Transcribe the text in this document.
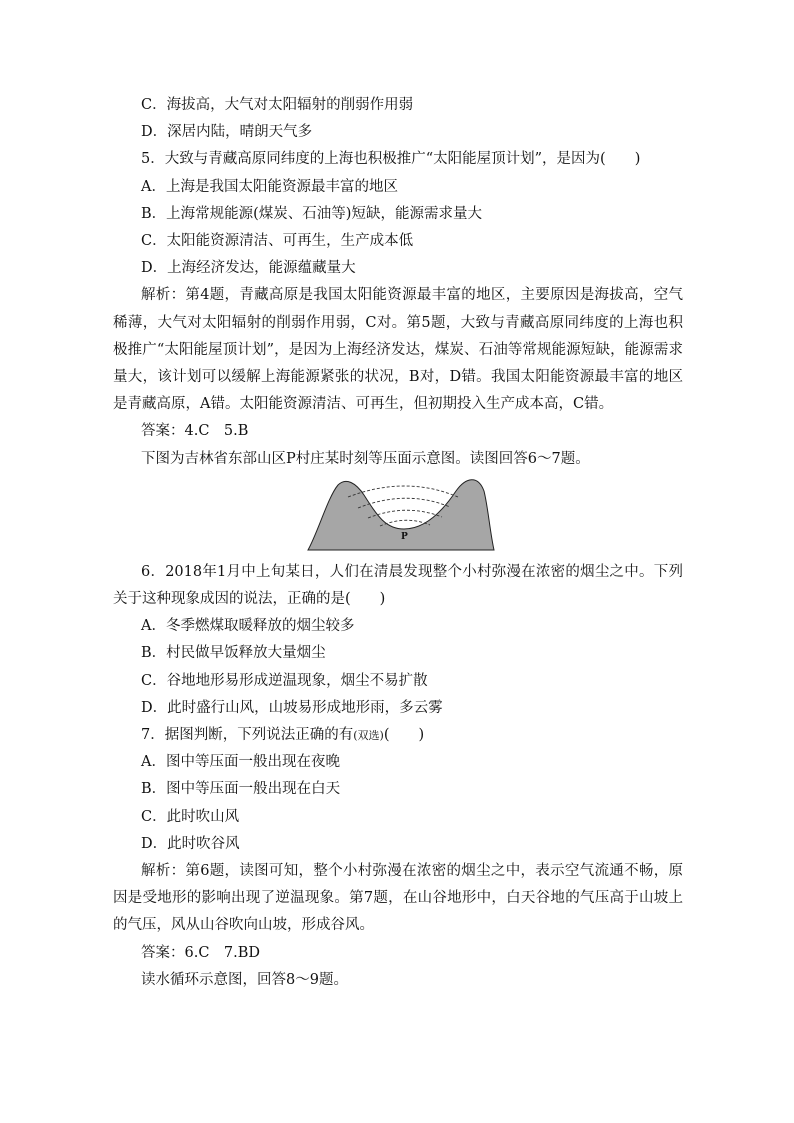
C．海拔高，大气对太阳辐射的削弱作用弱

D．深居内陆，晴朗天气多

5．大致与青藏高原同纬度的上海也积极推广“太阳能屋顶计划”，是因为(　　)

A．上海是我国太阳能资源最丰富的地区

B．上海常规能源(煤炭、石油等)短缺，能源需求量大

C．太阳能资源清洁、可再生，生产成本低

D．上海经济发达，能源蕴藏量大

解析：第4题，青藏高原是我国太阳能资源最丰富的地区，主要原因是海拔高，空气稀薄，大气对太阳辐射的削弱作用弱，C对。第5题，大致与青藏高原同纬度的上海也积极推广“太阳能屋顶计划”，是因为上海经济发达，煤炭、石油等常规能源短缺，能源需求量大，该计划可以缓解上海能源紧张的状况，B对，D错。我国太阳能资源最丰富的地区是青藏高原，A错。太阳能资源清洁、可再生，但初期投入生产成本高，C错。

答案：4.C　5.B

下图为吉林省东部山区P村庄某时刻等压面示意图。读图回答6～7题。

P

6．2018年1月中上旬某日，人们在清晨发现整个小村弥漫在浓密的烟尘之中。下列关于这种现象成因的说法，正确的是(　　)

A．冬季燃煤取暖释放的烟尘较多

B．村民做早饭释放大量烟尘

C．谷地地形易形成逆温现象，烟尘不易扩散

D．此时盛行山风，山坡易形成地形雨，多云雾

7．据图判断，下列说法正确的有(双选)(　　)

A．图中等压面一般出现在夜晚

B．图中等压面一般出现在白天

C．此时吹山风

D．此时吹谷风

解析：第6题，读图可知，整个小村弥漫在浓密的烟尘之中，表示空气流通不畅，原因是受地形的影响出现了逆温现象。第7题，在山谷地形中，白天谷地的气压高于山坡上的气压，风从山谷吹向山坡，形成谷风。

答案：6.C　7.BD

读水循环示意图，回答8～9题。
